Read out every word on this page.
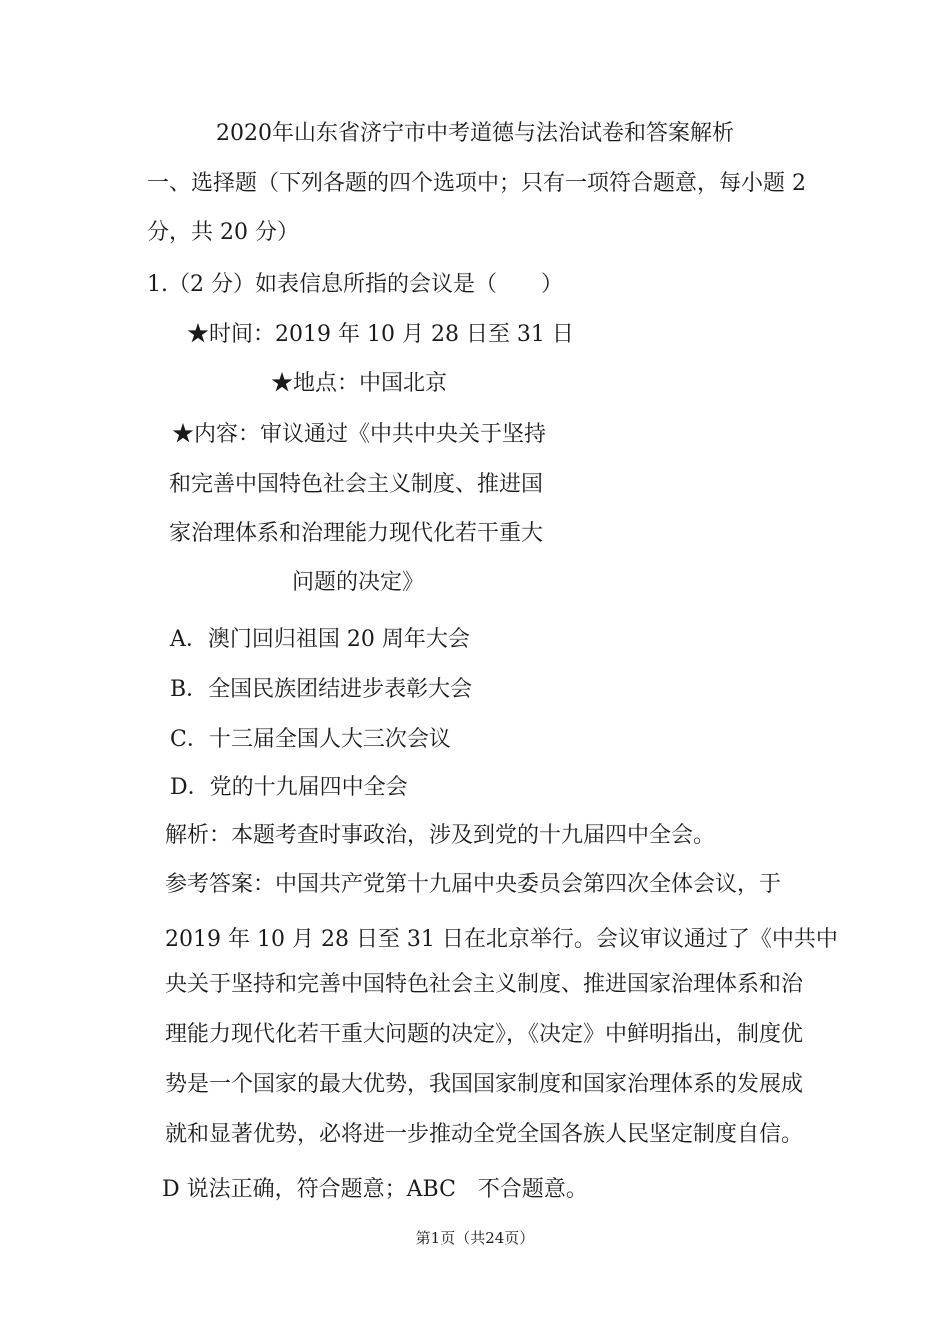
2020年山东省济宁市中考道德与法治试卷和答案解析
一、选择题（下列各题的四个选项中；只有一项符合题意，每小题 2
分，共 20 分）
1.（2 分）如表信息所指的会议是（　　）
★时间：2019 年 10 月 28 日至 31 日
★地点：中国北京
★内容：审议通过《中共中央关于坚持
和完善中国特色社会主义制度、推进国
家治理体系和治理能力现代化若干重大
问题的决定》
A．澳门回归祖国 20 周年大会
B．全国民族团结进步表彰大会
C．十三届全国人大三次会议
D．党的十九届四中全会
解析：本题考查时事政治，涉及到党的十九届四中全会。
参考答案：中国共产党第十九届中央委员会第四次全体会议，于
2019 年 10 月 28 日至 31 日在北京举行。会议审议通过了《中共中
央关于坚持和完善中国特色社会主义制度、推进国家治理体系和治
理能力现代化若干重大问题的决定》，《决定》中鲜明指出，制度优
势是一个国家的最大优势，我国国家制度和国家治理体系的发展成
就和显著优势，必将进一步推动全党全国各族人民坚定制度自信。
D 说法正确，符合题意；ABC　不合题意。
第1页（共24页）
